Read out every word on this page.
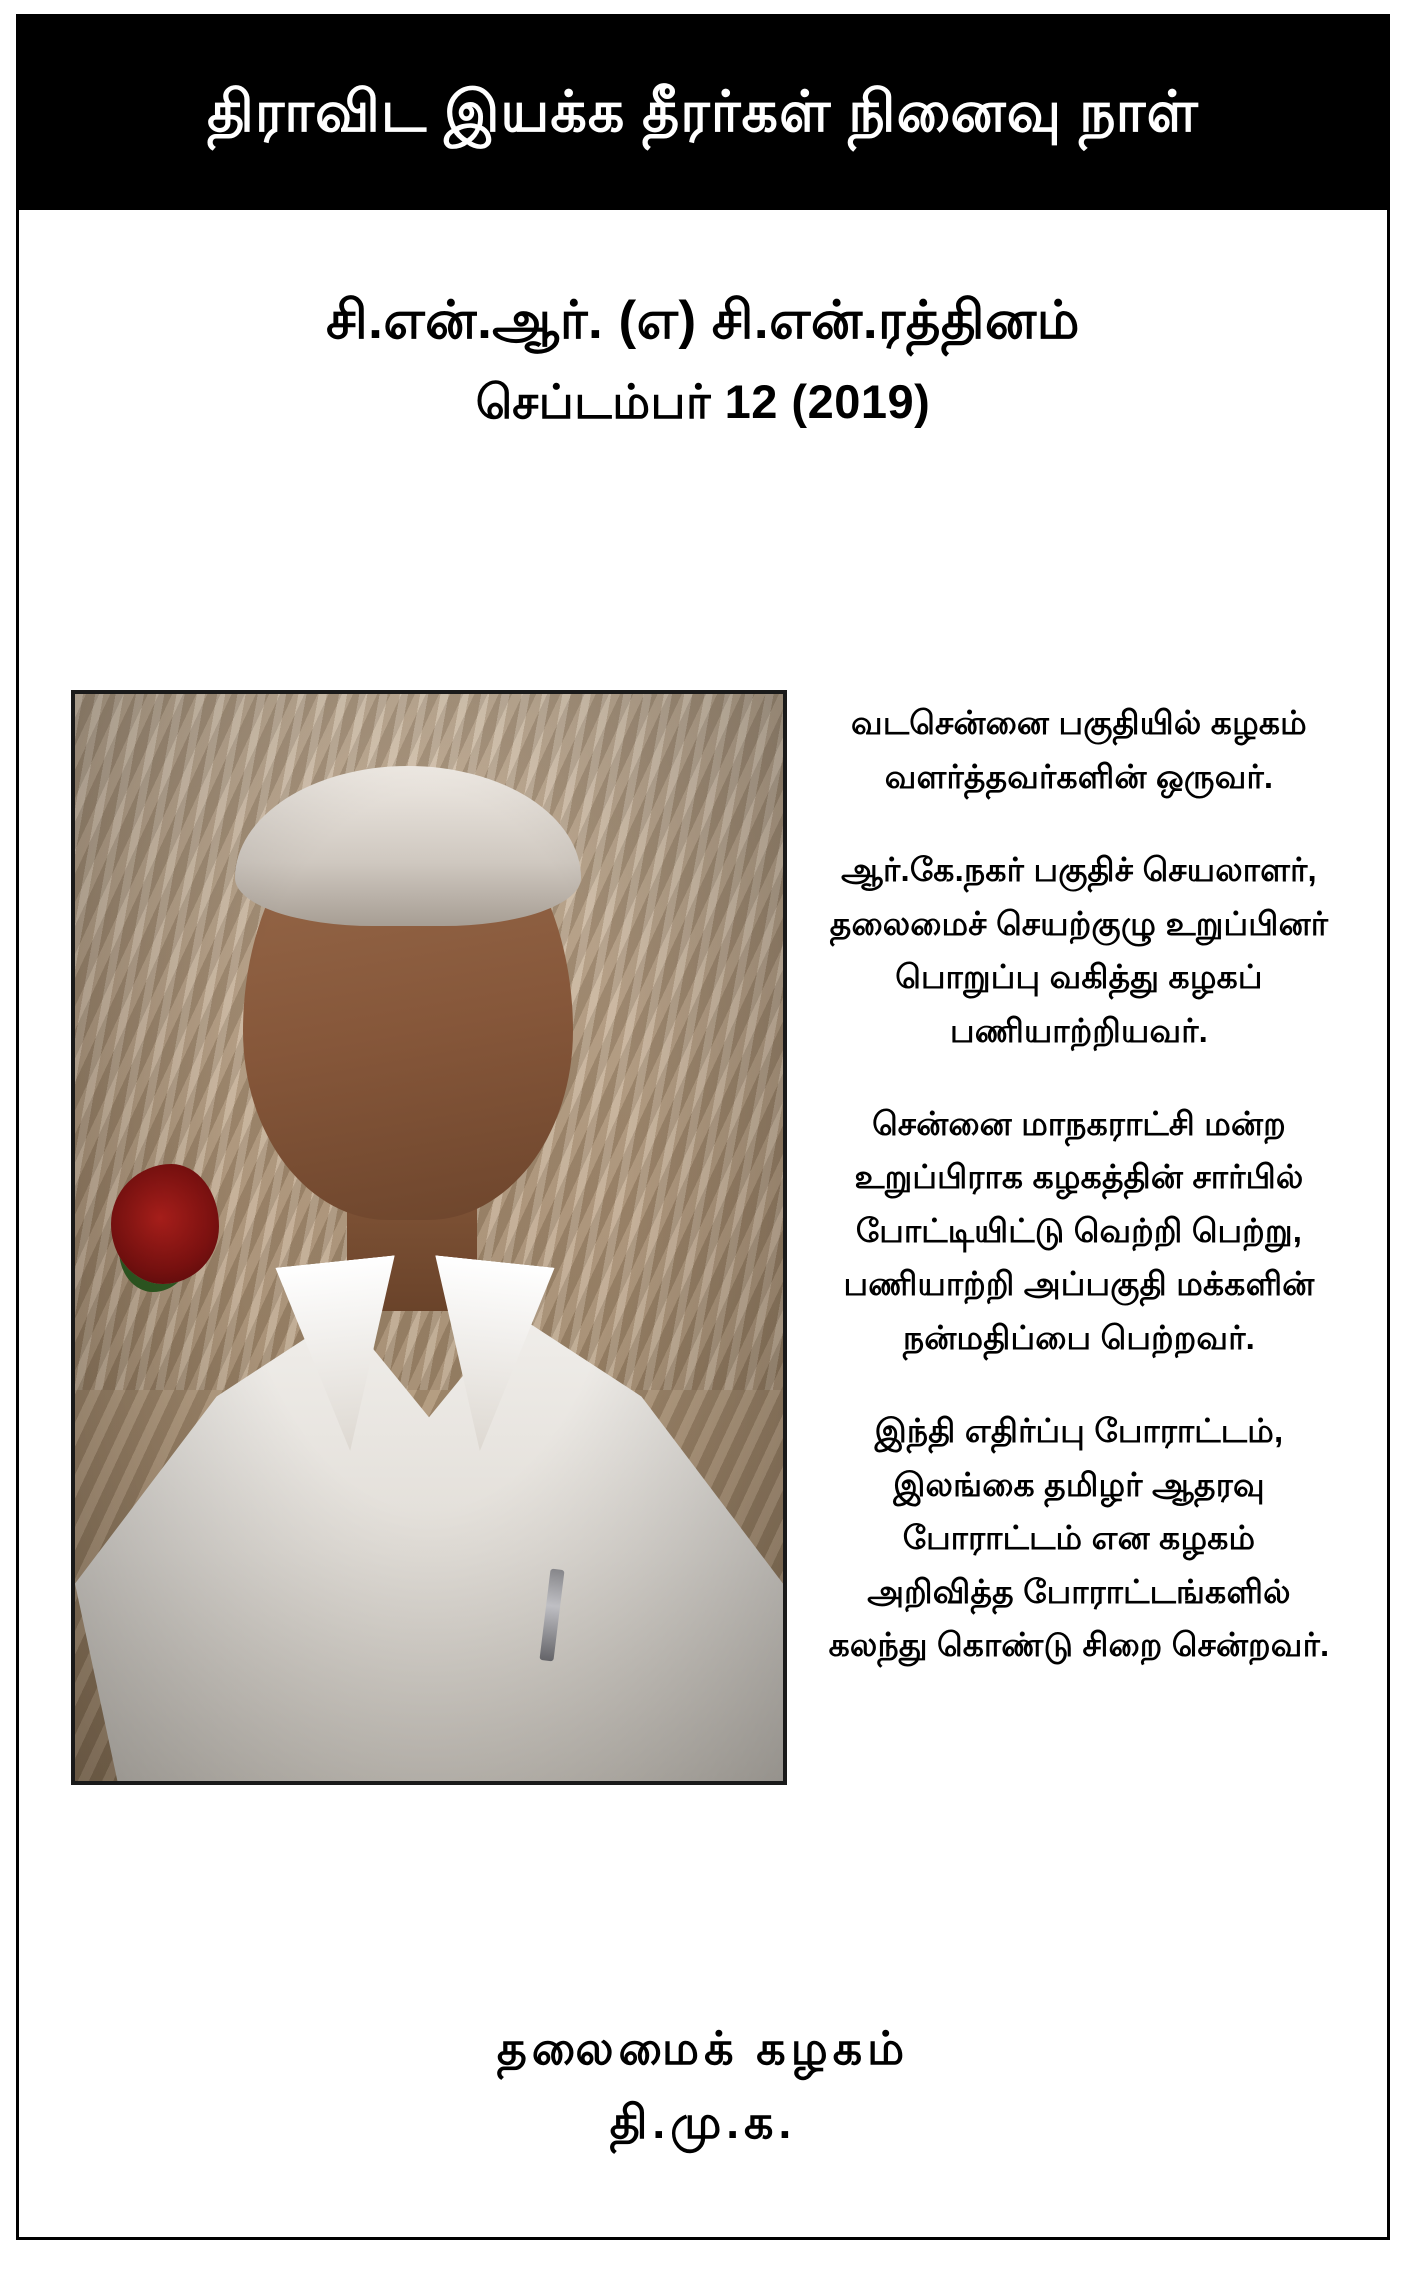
திராவிட இயக்க தீரர்கள் நினைவு நாள்
சி.என்.ஆர். (எ) சி.என்.ரத்தினம்
செப்டம்பர் 12 (2019)

வடசென்னை பகுதியில் கழகம் வளர்த்தவர்களின் ஒருவர்.

ஆர்.கே.நகர் பகுதிச் செயலாளர், தலைமைச் செயற்குழு உறுப்பினர் பொறுப்பு வகித்து கழகப் பணியாற்றியவர்.

சென்னை மாநகராட்சி மன்ற உறுப்பிராக கழகத்தின் சார்பில் போட்டியிட்டு வெற்றி பெற்று, பணியாற்றி அப்பகுதி மக்களின் நன்மதிப்பை பெற்றவர்.

இந்தி எதிர்ப்பு போராட்டம், இலங்கை தமிழர் ஆதரவு போராட்டம் என கழகம் அறிவித்த போராட்டங்களில் கலந்து கொண்டு சிறை சென்றவர்.

தலைமைக் கழகம்
தி.மு.க.
